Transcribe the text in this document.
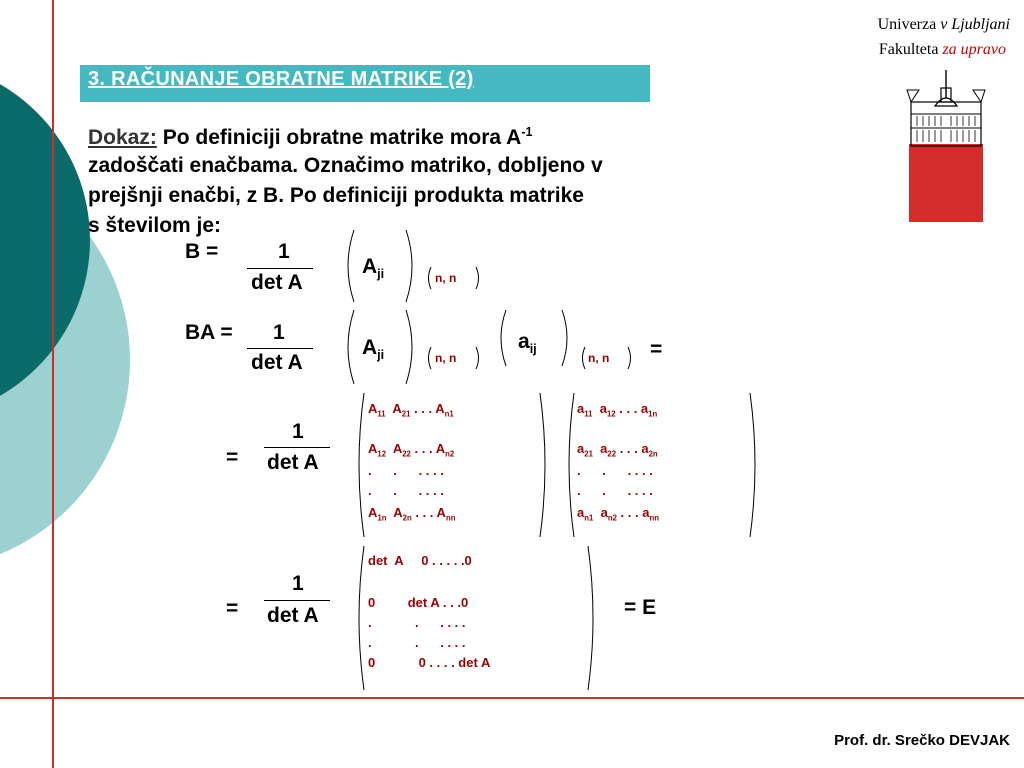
Univerza v Ljubljani
Fakulteta za upravo
3. RAČUNANJE OBRATNE MATRIKE (2)
Dokaz: Po definiciji obratne matrike mora $A^{-1}$
zadoščati enačbama. Označimo matriko, dobljeno v
prejšnji enačbi, z B. Po definiciji produkta matrike
s številom je:
B =	1
det A
$A_{ji}$	n, n
BA = 1
det A
$A_{ji}$	n, n
$a_{ij}$
n, n =
=
1
det A
$A_{11}$  $A_{21}$ . . . $A_{n1}$
$A_{12}$  $A_{22}$ . . . $A_{n2}$
.      .      . . . .
.      .      . . . .
$A_{1n}$  $A_{2n}$ . . . $A_{nn}$
$a_{11}$  $a_{12}$ . . . $a_{1n}$
$a_{21}$  $a_{22}$ . . . $a_{2n}$
.      .      . . . .
.      .      . . . .
$a_{n1}$  $a_{n2}$ . . . $a_{nn}$
=
1
det A
det  A     0 . . . . .0
0         det A . . .0
.            .      . . . .
.            .      . . . .
0            0 . . . . det A
= E
Prof. dr. Srečko DEVJAK
